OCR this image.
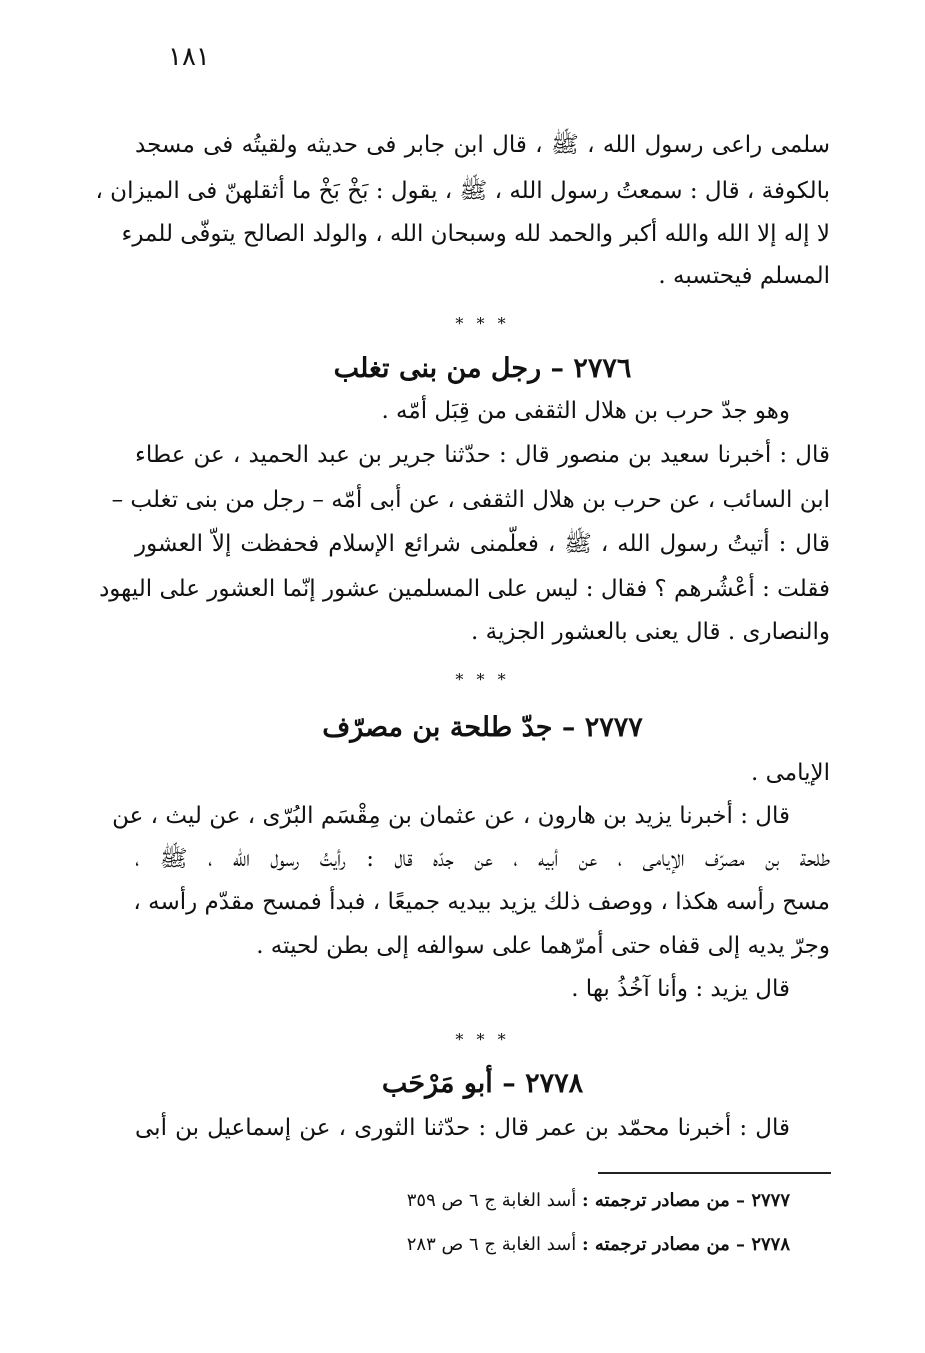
١٨١
سلمى راعى رسول الله ، ﷺ ، قال ابن جابر فى حديثه ولقيتُه فى مسجد
بالكوفة ، قال : سمعتُ رسول الله ، ﷺ ، يقول : بَخْ بَخْ ما أثقلهنّ فى الميزان ،
لا إله إلا الله والله أكبر والحمد لله وسبحان الله ، والولد الصالح يتوفّى للمرء
المسلم فيحتسبه .
* * *
٢٧٧٦ – رجل من بنى تغلب
وهو جدّ حرب بن هلال الثقفى من قِبَل أمّه .
قال : أخبرنا سعيد بن منصور قال : حدّثنا جرير بن عبد الحميد ، عن عطاء
ابن السائب ، عن حرب بن هلال الثقفى ، عن أبى أمّه – رجل من بنى تغلب –
قال : أتيتُ رسول الله ، ﷺ ، فعلّمنى شرائع الإسلام فحفظت إلاّ العشور
فقلت : أعْشُرهم ؟ فقال : ليس على المسلمين عشور إنّما العشور على اليهود
والنصارى . قال يعنى بالعشور الجزية .
* * *
٢٧٧٧ – جدّ طلحة بن مصرّف
الإيامى .
قال : أخبرنا يزيد بن هارون ، عن عثمان بن مِقْسَم البُرّى ، عن ليث ، عن
طلحة بن مصرّف الإيامى ، عن أبيه ، عن جدّه قال : رأيتُ رسول الله ، ﷺ ،
مسح رأسه هكذا ، ووصف ذلك يزيد بيديه جميعًا ، فبدأ فمسح مقدّم رأسه ،
وجرّ يديه إلى قفاه حتى أمرّهما على سوالفه إلى بطن لحيته .
قال يزيد : وأنا آخُذُ بها .
* * *
٢٧٧٨ – أبو مَرْحَب
قال : أخبرنا محمّد بن عمر قال : حدّثنا الثورى ، عن إسماعيل بن أبى
٢٧٧٧ – من مصادر ترجمته : أسد الغابة ج ٦ ص ٣٥٩
٢٧٧٨ – من مصادر ترجمته : أسد الغابة ج ٦ ص ٢٨٣
